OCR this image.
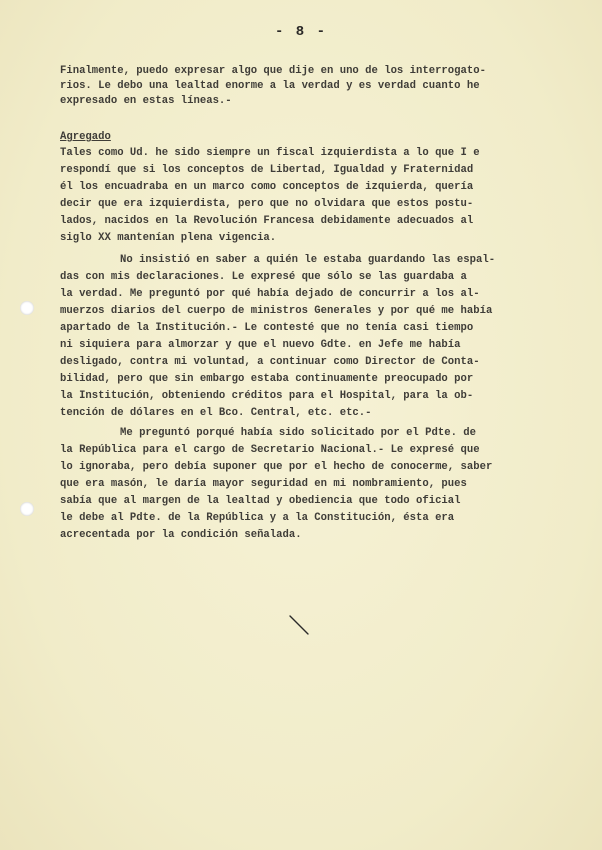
- 8 -
Finalmente, puedo expresar algo que dije en uno de los interrogato-
rios. Le debo una lealtad enorme a la verdad y es verdad cuanto he
expresado en estas líneas.-
Agregado
Tales como Ud. he sido siempre un fiscal izquierdista a lo que I e
respondí que si los conceptos de Libertad, Igualdad y Fraternidad
él los encuadraba en un marco como conceptos de izquierda, quería
decir que era izquierdista, pero que no olvidara que estos postu-
lados, nacidos en la Revolución Francesa debidamente adecuados al
siglo XX mantenían plena vigencia.
No insistió en saber a quién le estaba guardando las espal-
das con mis declaraciones. Le expresé que sólo se las guardaba a
la verdad. Me preguntó por qué había dejado de concurrir a los al-
muerzos diarios del cuerpo de ministros Generales y por qué me había
apartado de la Institución.- Le contesté que no tenía casi tiempo
ni siquiera para almorzar y que el nuevo Gdte. en Jefe me había
desligado, contra mi voluntad, a continuar como Director de Conta-
bilidad, pero que sin embargo estaba continuamente preocupado por
la Institución, obteniendo créditos para el Hospital, para la ob-
tención de dólares en el Bco. Central, etc. etc.-
Me preguntó porqué había sido solicitado por el Pdte. de
la República para el cargo de Secretario Nacional.- Le expresé que
lo ignoraba, pero debía suponer que por el hecho de conocerme, saber
que era masón, le daría mayor seguridad en mi nombramiento, pues
sabía que al margen de la lealtad y obediencia que todo oficial
le debe al Pdte. de la República y a la Constitución, ésta era
acrecentada por la condición señalada.
